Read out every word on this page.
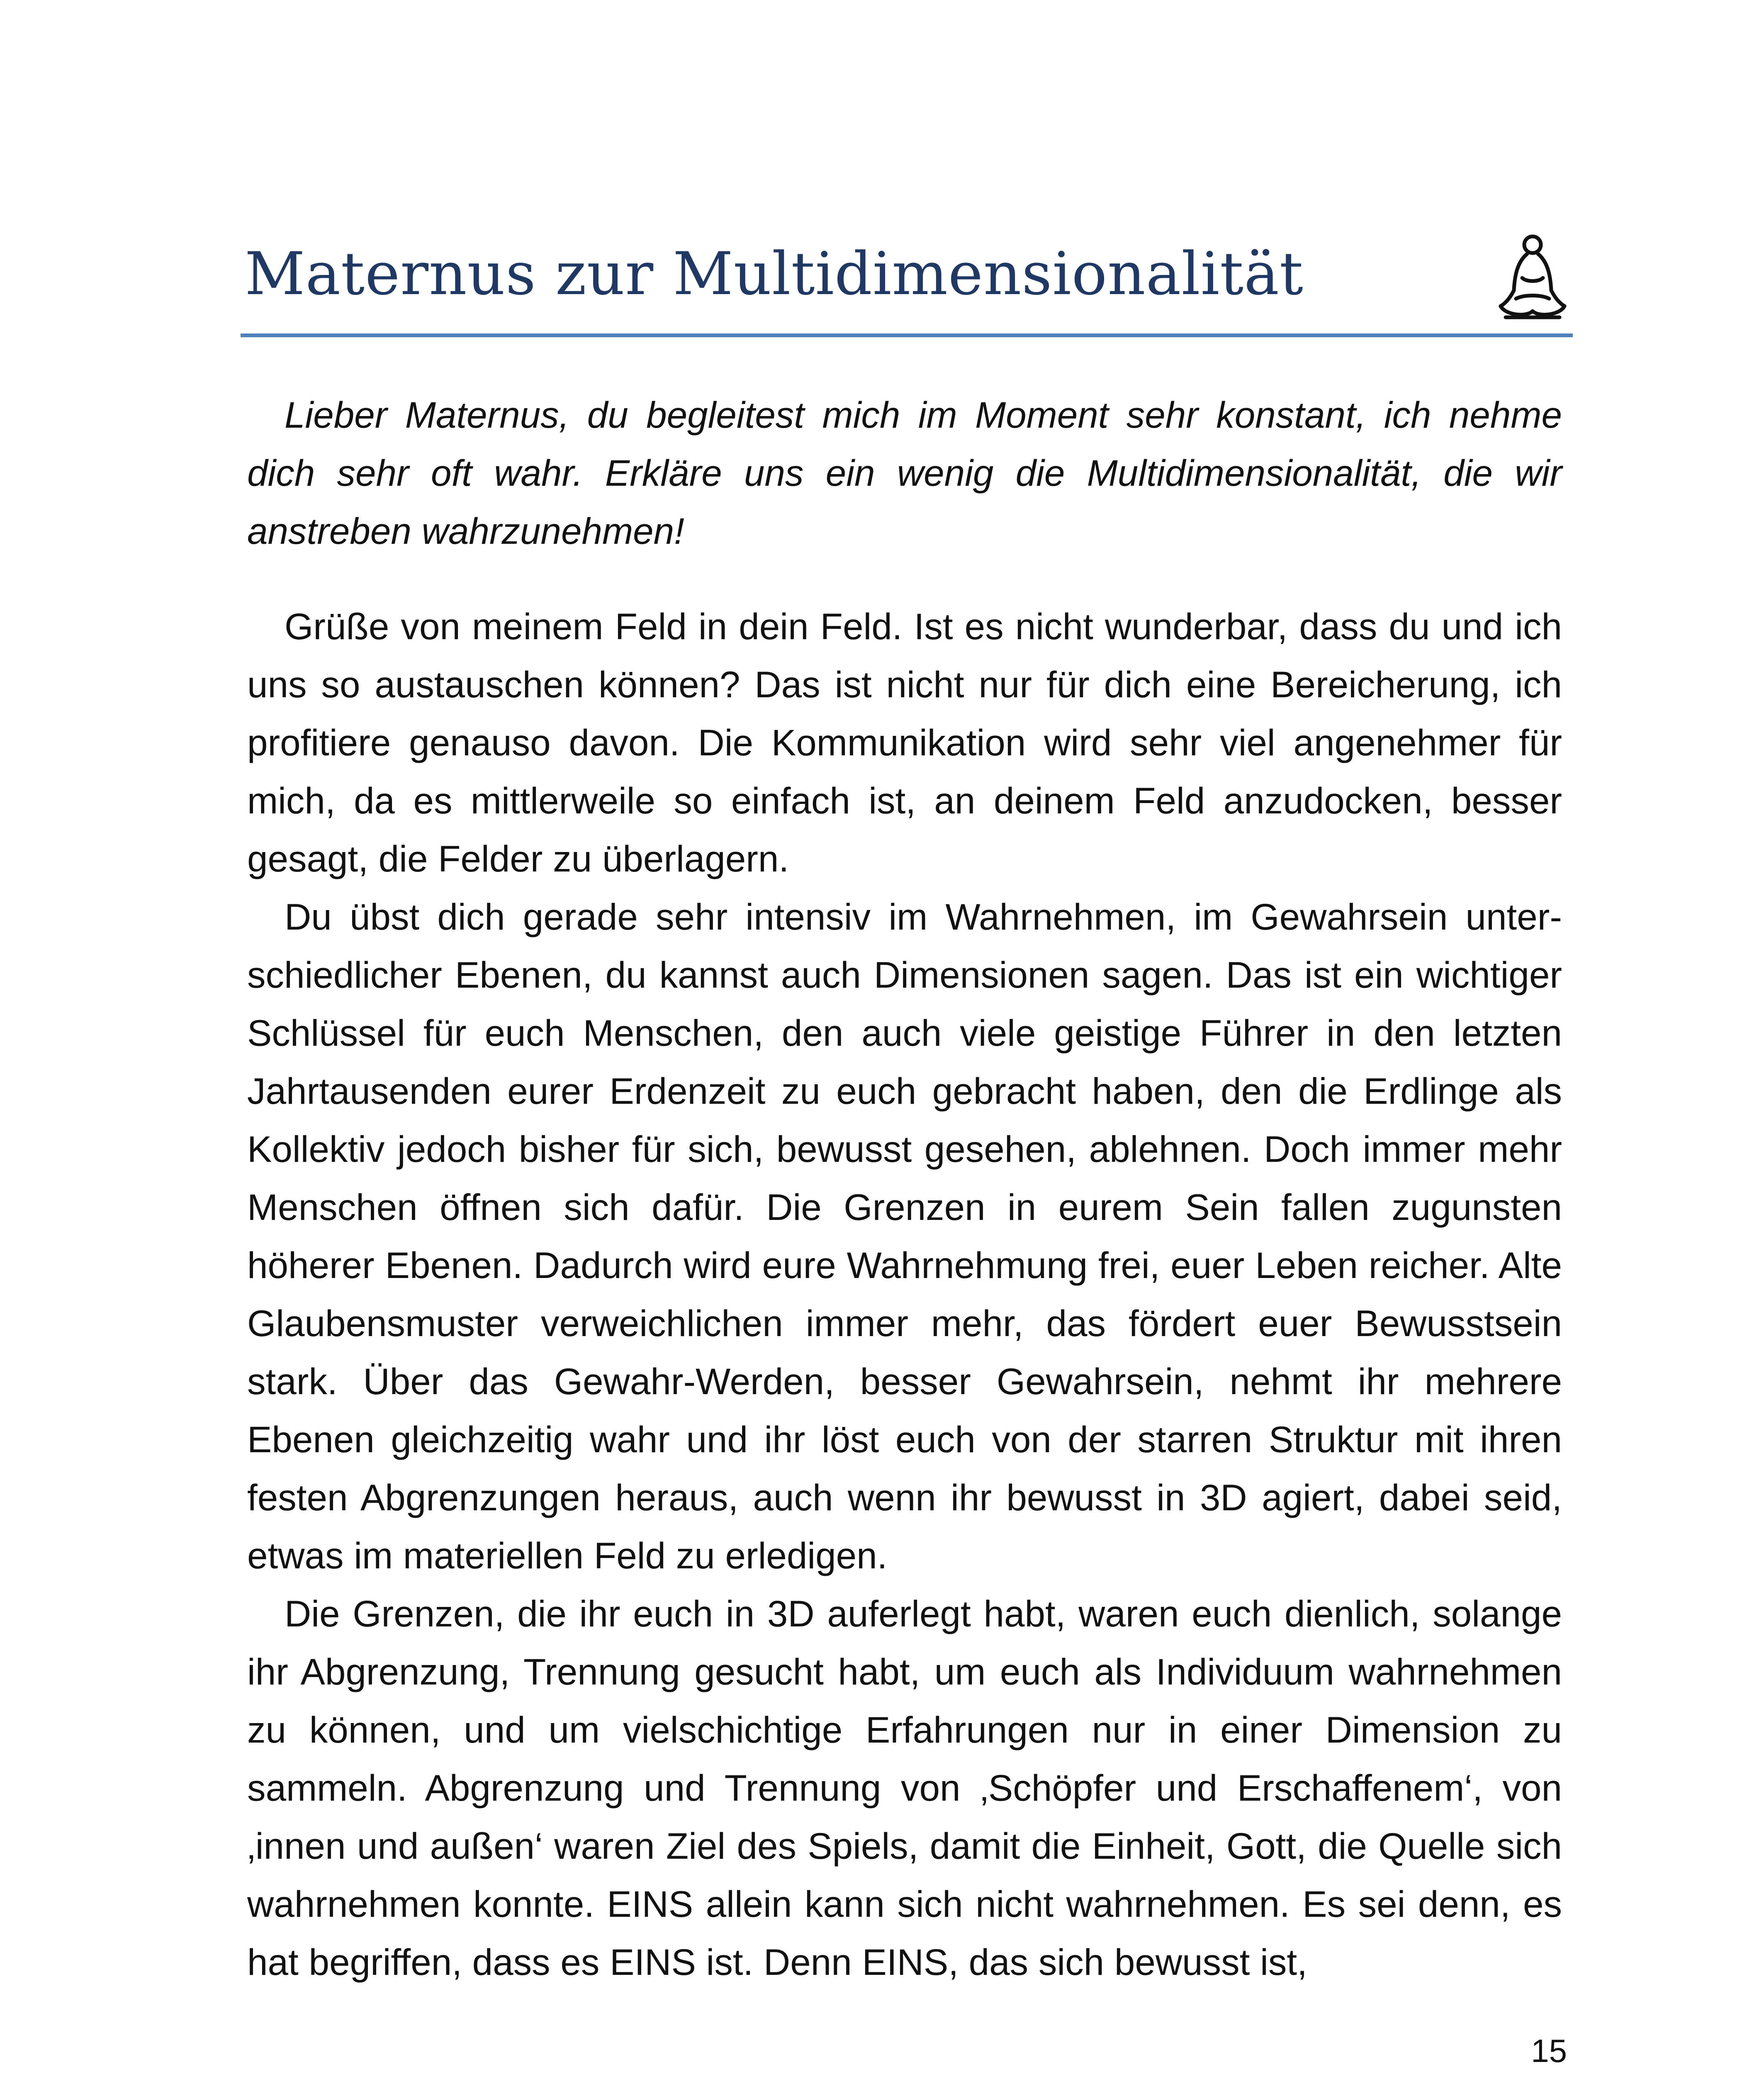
Maternus zur Multidimensionalität

Lieber Maternus, du begleitest mich im Moment sehr konstant, ich nehme dich sehr oft wahr. Erkläre uns ein wenig die Multidimensionalität, die wir anstreben wahrzunehmen!

Grüße von meinem Feld in dein Feld. Ist es nicht wunderbar, dass du und ich uns so austauschen können? Das ist nicht nur für dich eine Bereicherung, ich profitiere genauso davon. Die Kommunikation wird sehr viel angenehmer für mich, da es mittlerweile so einfach ist, an deinem Feld anzudocken, besser gesagt, die Felder zu überlagern.

Du übst dich gerade sehr intensiv im Wahrnehmen, im Gewahrsein unterschiedlicher Ebenen, du kannst auch Dimensionen sagen. Das ist ein wichtiger Schlüssel für euch Menschen, den auch viele geistige Führer in den letzten Jahrtausenden eurer Erdenzeit zu euch gebracht haben, den die Erdlinge als Kollektiv jedoch bisher für sich, bewusst gesehen, ablehnen. Doch immer mehr Menschen öffnen sich dafür. Die Grenzen in eurem Sein fallen zugunsten höherer Ebenen. Dadurch wird eure Wahrnehmung frei, euer Leben reicher. Alte Glaubensmuster verweichlichen immer mehr, das fördert euer Bewusstsein stark. Über das Gewahr-Werden, besser Gewahrsein, nehmt ihr mehrere Ebenen gleichzeitig wahr und ihr löst euch von der starren Struktur mit ihren festen Abgrenzungen heraus, auch wenn ihr bewusst in 3D agiert, dabei seid, etwas im materiellen Feld zu erledigen.

Die Grenzen, die ihr euch in 3D auferlegt habt, waren euch dienlich, solange ihr Abgrenzung, Trennung gesucht habt, um euch als Individuum wahrnehmen zu können, und um vielschichtige Erfahrungen nur in einer Dimension zu sammeln. Abgrenzung und Trennung von ‚Schöpfer und Erschaffenem‘, von ‚innen und außen‘ waren Ziel des Spiels, damit die Einheit, Gott, die Quelle sich wahrnehmen konnte. EINS allein kann sich nicht wahrnehmen. Es sei denn, es hat begriffen, dass es EINS ist. Denn EINS, das sich bewusst ist,

15
